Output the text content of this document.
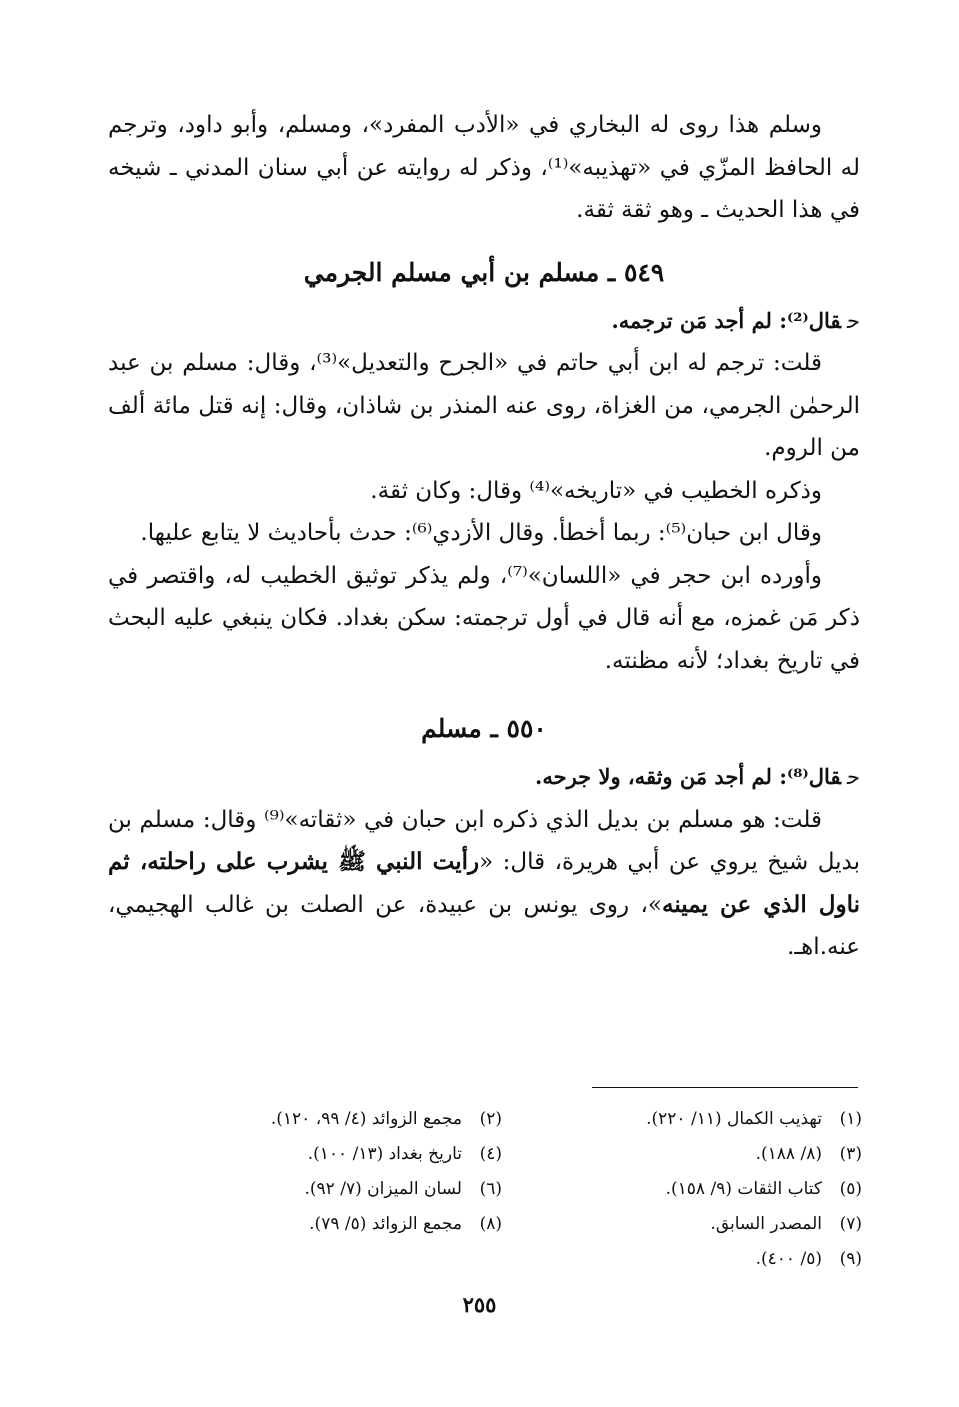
وسلم هذا روى له البخاري في «الأدب المفرد»، ومسلم، وأبو داود، وترجم له الحافظ المزّي في «تهذيبه»⁽¹⁾، وذكر له روايته عن أبي سنان المدني ـ شيخه في هذا الحديث ـ وهو ثقة ثقة.

٥٤٩ ـ مسلم بن أبي مسلم الجرمي

حقال⁽²⁾: لم أجد مَن ترجمه.

قلت: ترجم له ابن أبي حاتم في «الجرح والتعديل»⁽³⁾، وقال: مسلم بن عبد الرحمٰن الجرمي، من الغزاة، روى عنه المنذر بن شاذان، وقال: إنه قتل مائة ألف من الروم.

وذكره الخطيب في «تاريخه»⁽⁴⁾ وقال: وكان ثقة.

وقال ابن حبان⁽⁵⁾: ربما أخطأ. وقال الأزدي⁽⁶⁾: حدث بأحاديث لا يتابع عليها.

وأورده ابن حجر في «اللسان»⁽⁷⁾، ولم يذكر توثيق الخطيب له، واقتصر في ذكر مَن غمزه، مع أنه قال في أول ترجمته: سكن بغداد. فكان ينبغي عليه البحث في تاريخ بغداد؛ لأنه مظنته.

٥٥٠ ـ مسلم

حقال⁽⁸⁾: لم أجد مَن وثقه، ولا جرحه.

قلت: هو مسلم بن بديل الذي ذكره ابن حبان في «ثقاته»⁽⁹⁾ وقال: مسلم بن بديل شيخ يروي عن أبي هريرة، قال: «رأيت النبي ﷺ يشرب على راحلته، ثم ناول الذي عن يمينه»، روى يونس بن عبيدة، عن الصلت بن غالب الهجيمي، عنه.اهـ.

(١)تهذيب الكمال (١١/ ٢٢٠).
(٣)(٨/ ١٨٨).
(٥)كتاب الثقات (٩/ ١٥٨).
(٧)المصدر السابق.
(٩)(٥/ ٤٠٠).
(٢)مجمع الزوائد (٤/ ٩٩، ١٢٠).
(٤)تاريخ بغداد (١٣/ ١٠٠).
(٦)لسان الميزان (٧/ ٩٢).
(٨)مجمع الزوائد (٥/ ٧٩).
٢٥٥
